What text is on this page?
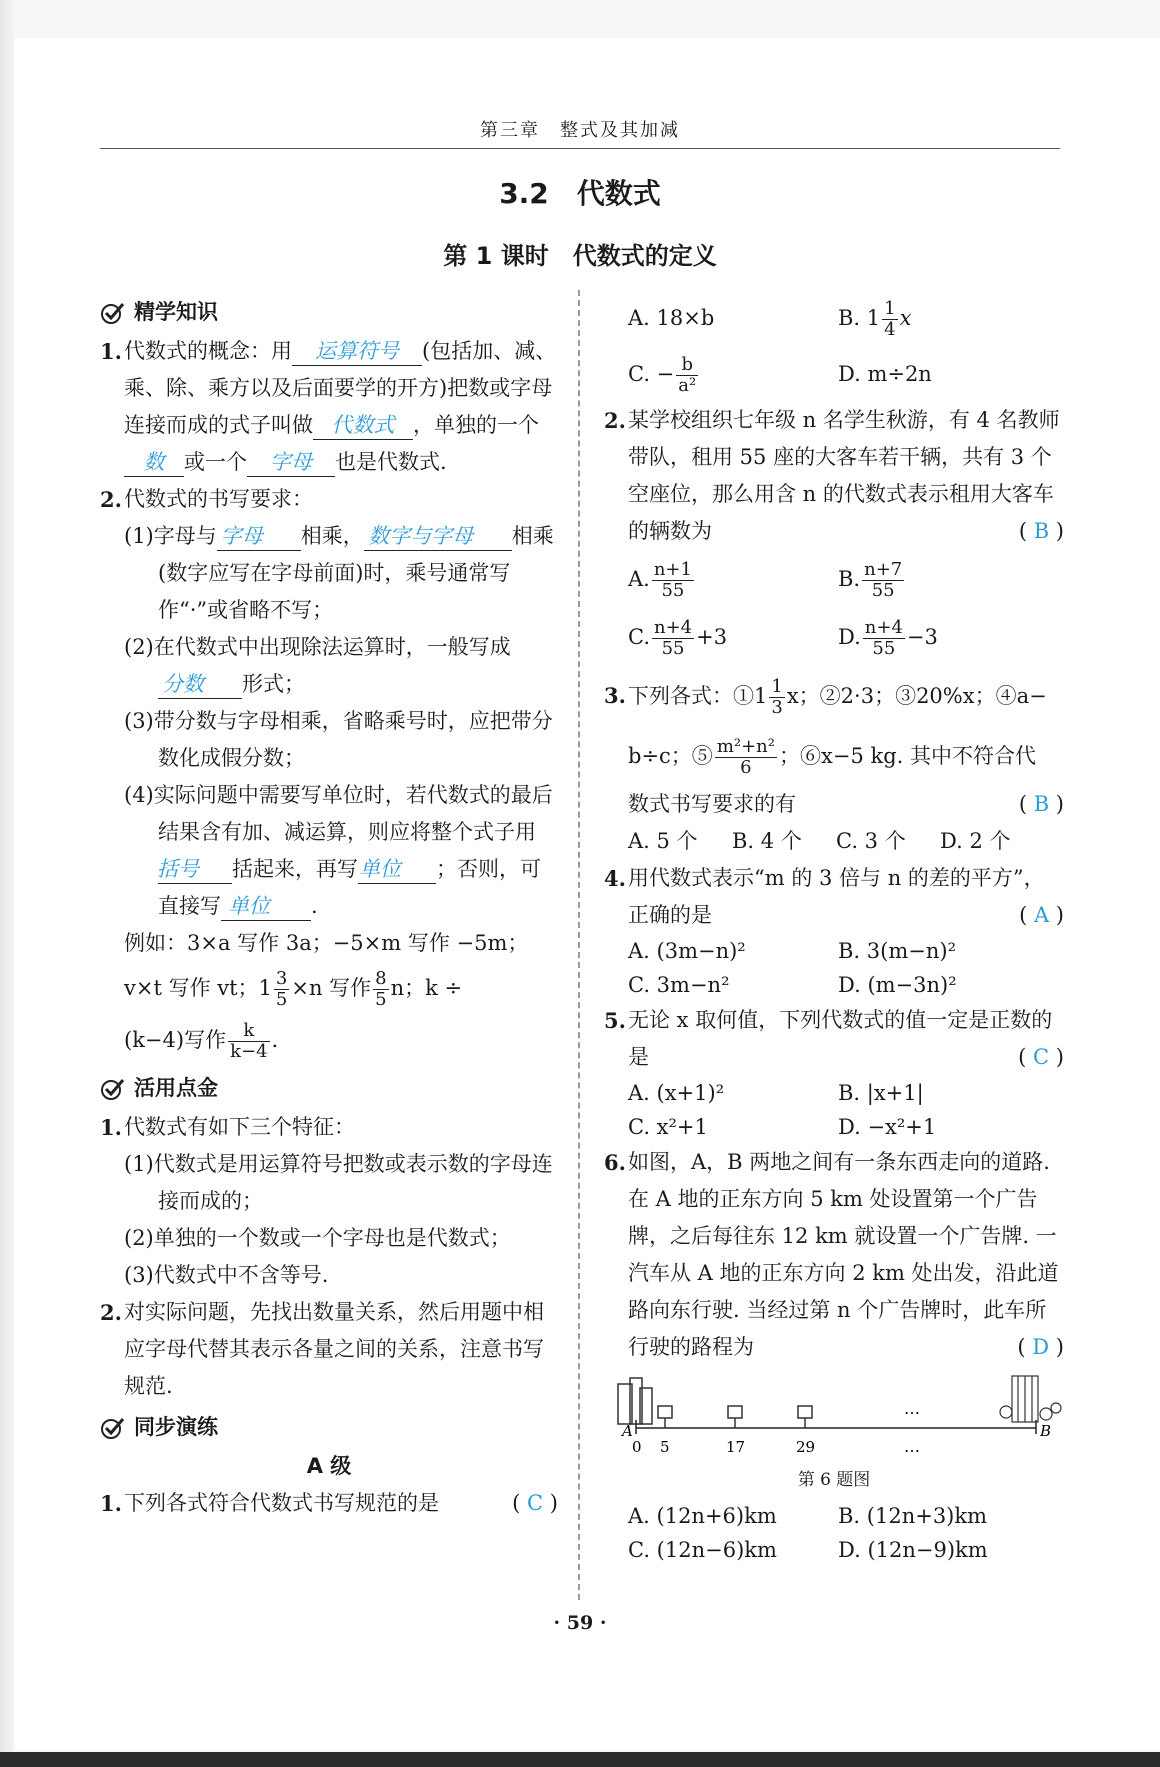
第三章　整式及其加减
3.2　代数式
第 1 课时　代数式的定义
精学知识
1. 代数式的概念：用 运算符号 (包括加、减、乘、除、乘方以及后面要学的开方)把数或字母连接而成的式子叫做 代数式 ，单独的一个数 或一个 字母 也是代数式.
2. 代数式的书写要求：
(1)字母与 字母 相乘， 数字与字母 相乘(数字应写在字母前面)时，乘号通常写作“·”或省略不写；
(2)在代数式中出现除法运算时，一般写成分数 形式；
(3)带分数与字母相乘，省略乘号时，应把带分数化成假分数；
(4)实际问题中需要写单位时，若代数式的最后结果含有加、减运算，则应将整个式子用括号 括起来，再写单位 ；否则，可直接写 单位 .
例如：3×a 写作 3a；−5×m 写作 −5m；
v×t 写作 vt；$1 \frac{3}{5} \times n$ 写作 $\frac{8}{5}$ n；k ÷
(k−4)写作 $\frac{k}{k-4}$ .
活用点金
1. 代数式有如下三个特征：
(1)代数式是用运算符号把数或表示数的字母连接而成的；
(2)单独的一个数或一个字母也是代数式；
(3)代数式中不含等号.
2. 对实际问题，先找出数量关系，然后用题中相应字母代替其表示各量之间的关系，注意书写规范.
同步演练
A 级
1. 下列各式符合代数式书写规范的是	( C )
A. 18×b	B. $1 \frac{1}{4}$ x
C. − $\frac{b}{\text{a²}}$	D. m÷2n
2. 某学校组织七年级 n 名学生秋游，有 4 名教师带队，租用 55 座的大客车若干辆，共有 3 个空座位，那么用含 n 的代数式表示租用大客车的辆数为	( B )
A. $\frac{n+1}{55}$	B. $\frac{n+7}{55}$
C. $\frac{n+4}{55} +3$	D. $\frac{n+4}{55} -3$
3. 下列各式：①1 $\frac{1}{3}$ x；②2·3；③20%x；④a−
b÷c；⑤ $\frac{\text{m²+n²}}{6}$ ；⑥x−5 kg. 其中不符合代
数式书写要求的有	( B )
A. 5 个	B. 4 个	C. 3 个	D. 2 个
4. 用代数式表示“m 的 3 倍与 n 的差的平方”，正确的是	( A )
A. (3m−n)²	B. 3(m−n)²
C. 3m−n²	D. (m−3n)²
5. 无论 x 取何值，下列代数式的值一定是正数的是	( C )
A. (x+1)²	B. |x+1|
C. x²+1	D. −x²+1
6. 如图，A，B 两地之间有一条东西走向的道路. 在 A 地的正东方向 5 km 处设置第一个广告牌，之后每往东 12 km 就设置一个广告牌. 一汽车从 A 地的正东方向 2 km 处出发，沿此道路向东行驶. 当经过第 n 个广告牌时，此车所行驶的路程为	( D )
…
…
A	B
0 5	17	29
第 6 题图
A. (12n+6)km	B. (12n+3)km
C. (12n−6)km	D. (12n−9)km
· 59 ·
